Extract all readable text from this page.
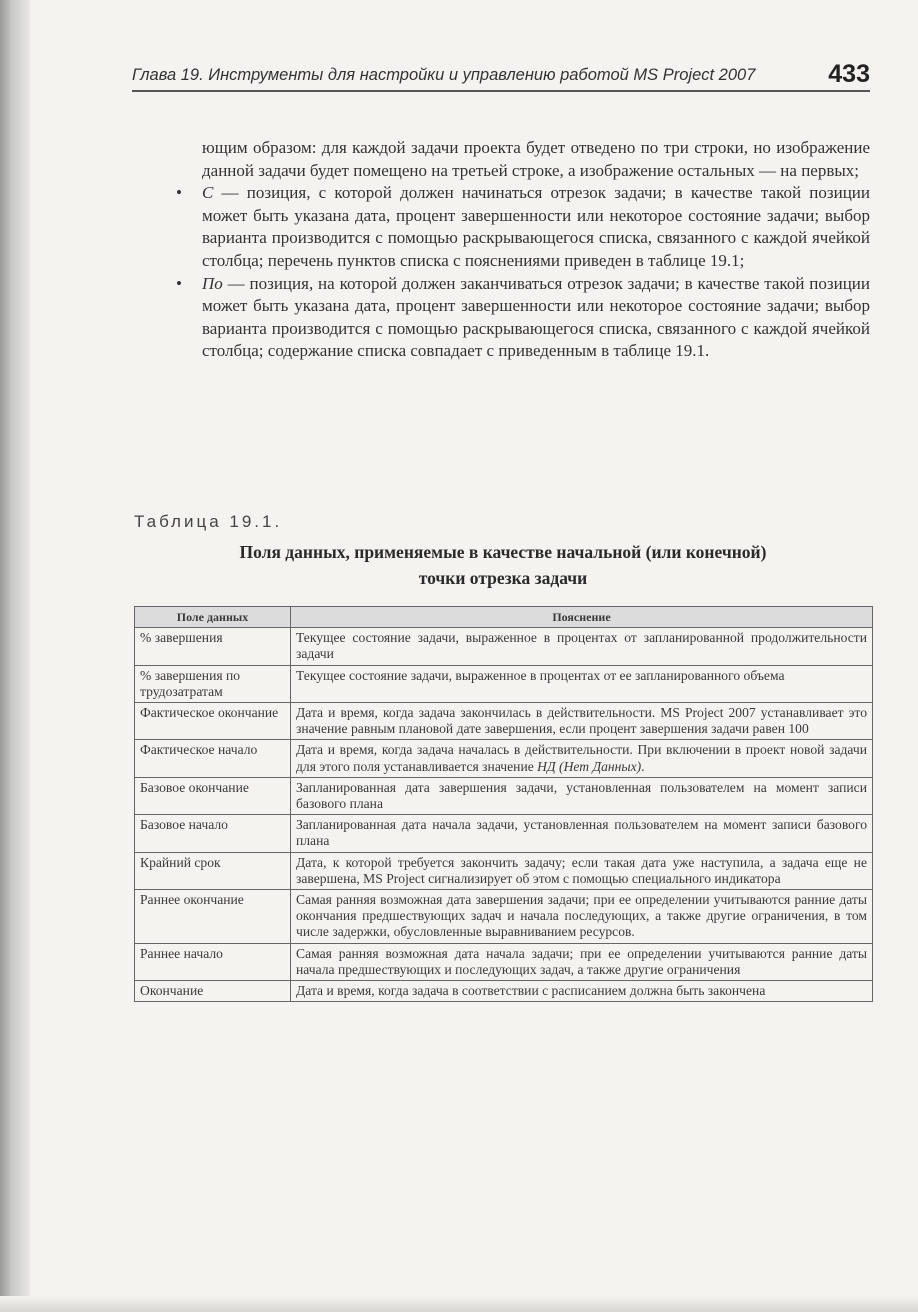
Глава 19. Инструменты для настройки и управлению работой MS Project 2007	433

ющим образом: для каждой задачи проекта будет отведено по три строки, но изображение данной задачи будет помещено на третьей строке, а изображение остальных — на первых;

• С — позиция, с которой должен начинаться отрезок задачи; в качестве такой позиции может быть указана дата, процент завершенности или некоторое состояние задачи; выбор варианта производится с помощью раскрывающегося списка, связанного с каждой ячейкой столбца; перечень пунктов списка с пояснениями приведен в таблице 19.1;
• По — позиция, на которой должен заканчиваться отрезок задачи; в качестве такой позиции может быть указана дата, процент завершенности или некоторое состояние задачи; выбор варианта производится с помощью раскрывающегося списка, связанного с каждой ячейкой столбца; содержание списка совпадает с приведенным в таблице 19.1.
Таблица 19.1.
Поля данных, применяемые в качестве начальной (или конечной)
точки отрезка задачи
Поле данных	Пояснение
% завершения	Текущее состояние задачи, выраженное в процентах от запланированной продолжительности задачи
% завершения по трудозатратам	Текущее состояние задачи, выраженное в процентах от ее запланированного объема
Фактическое окончание	Дата и время, когда задача закончилась в действительности. MS Project 2007 устанавливает это значение равным плановой дате завершения, если процент завершения задачи равен 100
Фактическое начало	Дата и время, когда задача началась в действительности. При включении в проект новой задачи для этого поля устанавливается значение НД (Нет Данных).
Базовое окончание	Запланированная дата завершения задачи, установленная пользователем на момент записи базового плана
Базовое начало	Запланированная дата начала задачи, установленная пользователем на момент записи базового плана
Крайний срок	Дата, к которой требуется закончить задачу; если такая дата уже наступила, а задача еще не завершена, MS Project сигнализирует об этом с помощью специального индикатора
Раннее окончание	Самая ранняя возможная дата завершения задачи; при ее определении учитываются ранние даты окончания предшествующих задач и начала последующих, а также другие ограничения, в том числе задержки, обусловленные выравниванием ресурсов.
Раннее начало	Самая ранняя возможная дата начала задачи; при ее определении учитываются ранние даты начала предшествующих и последующих задач, а также другие ограничения
Окончание	Дата и время, когда задача в соответствии с расписанием должна быть закончена
